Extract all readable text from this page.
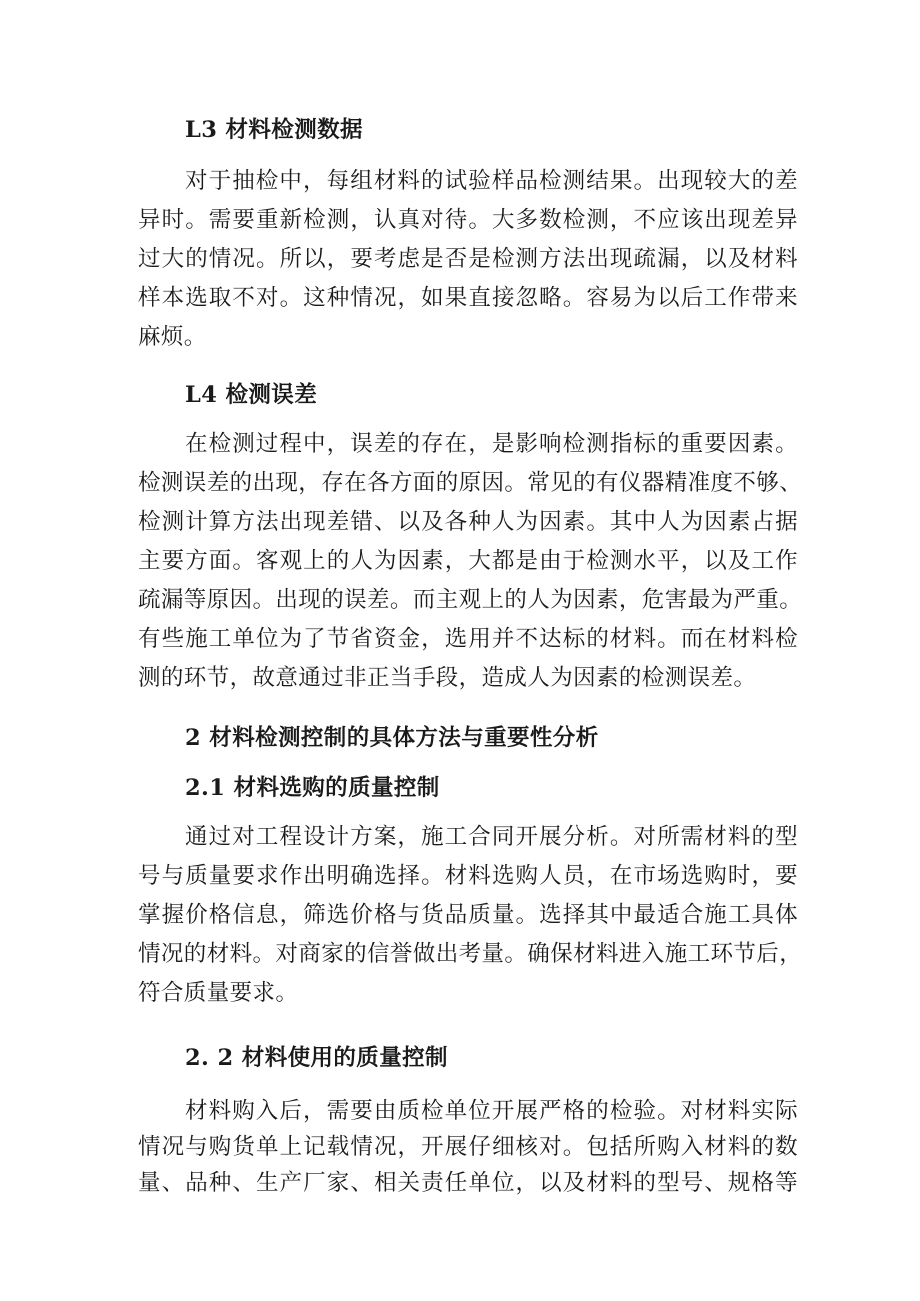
L3 材料检测数据
对于抽检中，每组材料的试验样品检测结果。出现较大的差
异时。需要重新检测，认真对待。大多数检测，不应该出现差异
过大的情况。所以，要考虑是否是检测方法出现疏漏，以及材料
样本选取不对。这种情况，如果直接忽略。容易为以后工作带来
麻烦。
L4 检测误差
在检测过程中，误差的存在，是影响检测指标的重要因素。
检测误差的出现，存在各方面的原因。常见的有仪器精准度不够、
检测计算方法出现差错、以及各种人为因素。其中人为因素占据
主要方面。客观上的人为因素，大都是由于检测水平，以及工作
疏漏等原因。出现的误差。而主观上的人为因素，危害最为严重。
有些施工单位为了节省资金，选用并不达标的材料。而在材料检
测的环节，故意通过非正当手段，造成人为因素的检测误差。
2 材料检测控制的具体方法与重要性分析
2.1 材料选购的质量控制
通过对工程设计方案，施工合同开展分析。对所需材料的型
号与质量要求作出明确选择。材料选购人员，在市场选购时，要
掌握价格信息，筛选价格与货品质量。选择其中最适合施工具体
情况的材料。对商家的信誉做出考量。确保材料进入施工环节后，
符合质量要求。
2. 2 材料使用的质量控制
材料购入后，需要由质检单位开展严格的检验。对材料实际
情况与购货单上记载情况，开展仔细核对。包括所购入材料的数
量、品种、生产厂家、相关责任单位，以及材料的型号、规格等
